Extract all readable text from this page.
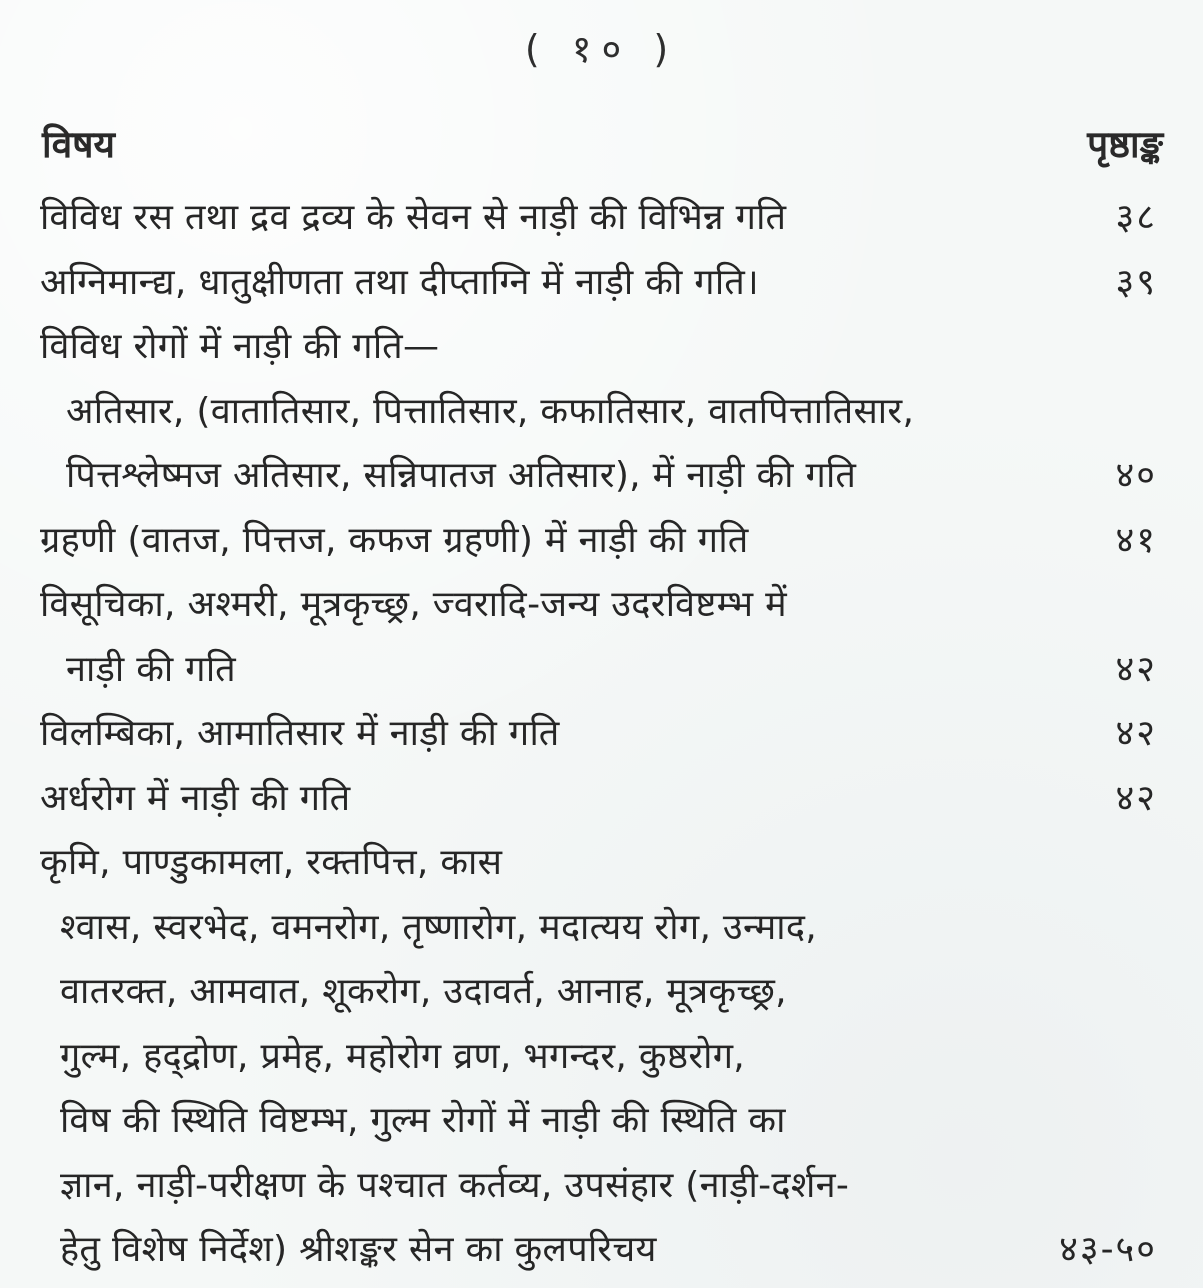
( १० )
विषय	पृष्ठाङ्क
विविध रस तथा द्रव द्रव्य के सेवन से नाड़ी की विभिन्न गति	३८
अग्निमान्द्य, धातुक्षीणता तथा दीप्ताग्नि में नाड़ी की गति।	३९
विविध रोगों में नाड़ी की गति—
अतिसार, (वातातिसार, पित्तातिसार, कफातिसार, वातपित्तातिसार,
पित्तश्लेष्मज अतिसार, सन्निपातज अतिसार), में नाड़ी की गति	४०
ग्रहणी (वातज, पित्तज, कफज ग्रहणी) में नाड़ी की गति	४१
विसूचिका, अश्मरी, मूत्रकृच्छ्र, ज्वरादि-जन्य उदरविष्टम्भ में
नाड़ी की गति	४२
विलम्बिका, आमातिसार में नाड़ी की गति	४२
अर्धरोग में नाड़ी की गति	४२
कृमि, पाण्डुकामला, रक्तपित्त, कास
श्वास, स्वरभेद, वमनरोग, तृष्णारोग, मदात्यय रोग, उन्माद,
वातरक्त, आमवात, शूकरोग, उदावर्त, आनाह, मूत्रकृच्छ्र,
गुल्म, हद्द्रोण, प्रमेह, महोरोग व्रण, भगन्दर, कुष्ठरोग,
विष की स्थिति विष्टम्भ, गुल्म रोगों में नाड़ी की स्थिति का
ज्ञान, नाड़ी-परीक्षण के पश्चात कर्तव्य, उपसंहार (नाड़ी-दर्शन-
हेतु विशेष निर्देश) श्रीशङ्कर सेन का कुलपरिचय	४३-५०
